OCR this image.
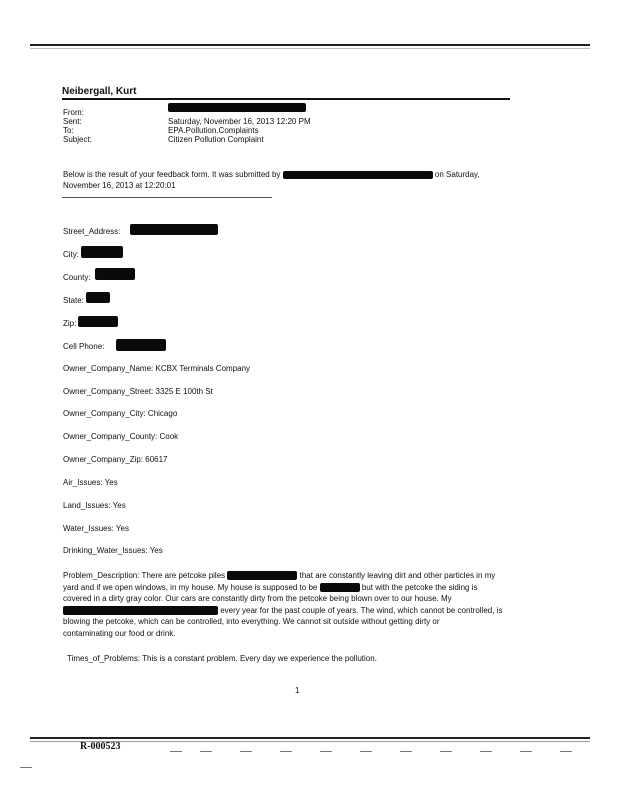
Neibergall, Kurt
From:
Sent:	Saturday, November 16, 2013 12:20 PM
To:	EPA.Pollution.Complaints
Subject:	Citizen Pollution Complaint
Below is the result of your feedback form. It was submitted by	on Saturday,
November 16, 2013 at 12:20:01
Street_Address:
City:
County:
State:
Zip:
Cell Phone:
Owner_Company_Name: KCBX Terminals Company
Owner_Company_Street: 3325 E 100th St
Owner_Company_City: Chicago
Owner_Company_County: Cook
Owner_Company_Zip: 60617
Air_Issues: Yes
Land_Issues: Yes
Water_Issues: Yes
Drinking_Water_Issues: Yes
Problem_Description: There are petcoke piles	that are constantly leaving dirt and other particles in my
yard and if we open windows, in my house. My house is supposed to be	but with the petcoke the siding is
covered in a dirty gray color. Our cars are constantly dirty from the petcoke being blown over to our house. My
every year for the past couple of years. The wind, which cannot be controlled, is
blowing the petcoke, which can be controlled, into everything. We cannot sit outside without getting dirty or
contaminating our food or drink.
Times_of_Problems: This is a constant problem. Every day we experience the pollution.
1
R-000523
